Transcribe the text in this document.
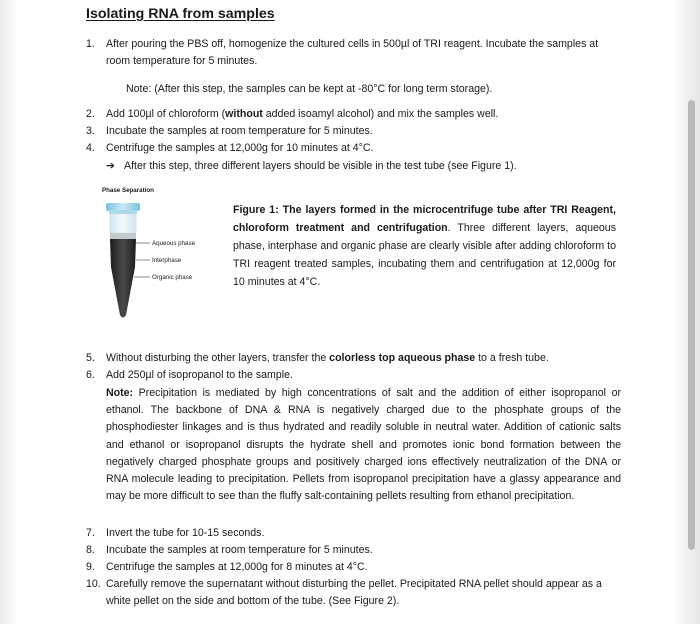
Isolating RNA from samples
1. After pouring the PBS off, homogenize the cultured cells in 500µl of TRI reagent. Incubate the samples at room temperature for 5 minutes.
Note: (After this step, the samples can be kept at -80°C for long term storage).
2. Add 100µl of chloroform (without added isoamyl alcohol) and mix the samples well.
3. Incubate the samples at room temperature for 5 minutes.
4. Centrifuge the samples at 12,000g for 10 minutes at 4°C.
➔ After this step, three different layers should be visible in the test tube (see Figure 1).
Phase Separation
Aqueous phase
Interphase
Organic phase
Figure 1: The layers formed in the microcentrifuge tube after TRI Reagent, chloroform treatment and centrifugation. Three different layers, aqueous phase, interphase and organic phase are clearly visible after adding chloroform to TRI reagent treated samples, incubating them and centrifugation at 12,000g for 10 minutes at 4°C.
5. Without disturbing the other layers, transfer the colorless top aqueous phase to a fresh tube.
6. Add 250µl of isopropanol to the sample.
Note: Precipitation is mediated by high concentrations of salt and the addition of either isopropanol or ethanol. The backbone of DNA & RNA is negatively charged due to the phosphate groups of the phosphodiester linkages and is thus hydrated and readily soluble in neutral water. Addition of cationic salts and ethanol or isopropanol disrupts the hydrate shell and promotes ionic bond formation between the negatively charged phosphate groups and positively charged ions effectively neutralization of the DNA or RNA molecule leading to precipitation. Pellets from isopropanol precipitation have a glassy appearance and may be more difficult to see than the fluffy salt-containing pellets resulting from ethanol precipitation.
7. Invert the tube for 10-15 seconds.
8. Incubate the samples at room temperature for 5 minutes.
9. Centrifuge the samples at 12,000g for 8 minutes at 4°C.
10. Carefully remove the supernatant without disturbing the pellet. Precipitated RNA pellet should appear as a white pellet on the side and bottom of the tube. (See Figure 2).
